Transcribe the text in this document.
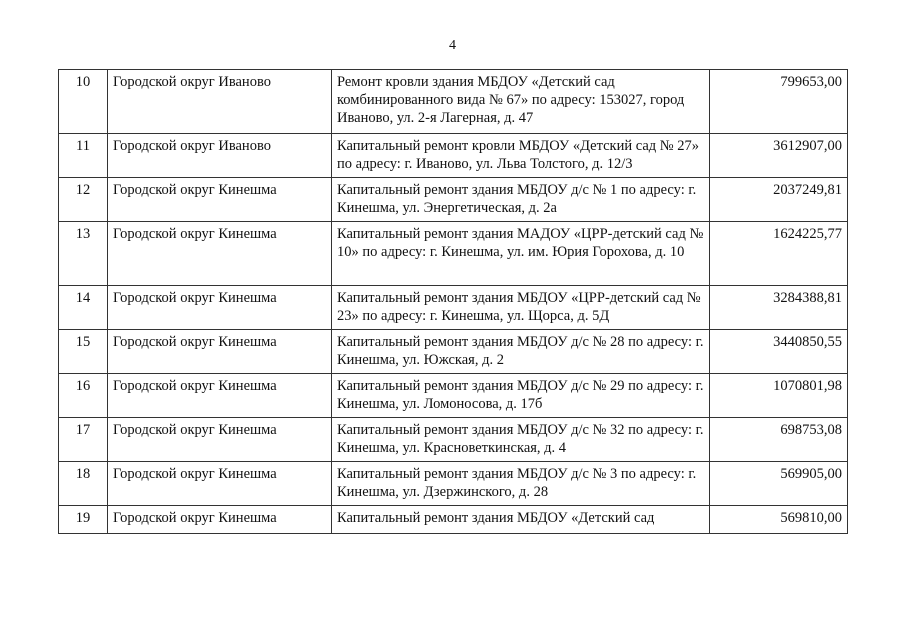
4
10	Городской округ Иваново	Ремонт кровли здания МБДОУ «Детский сад комбинированного вида № 67» по адресу: 153027, город Иваново, ул. 2-я Лагерная, д. 47	799653,00
11	Городской округ Иваново	Капитальный ремонт кровли МБДОУ «Детский сад № 27» по адресу: г. Иваново, ул. Льва Толстого, д. 12/3	3612907,00
12	Городской округ Кинешма	Капитальный ремонт здания МБДОУ д/с № 1 по адресу: г. Кинешма, ул. Энергетическая, д. 2а	2037249,81
13	Городской округ Кинешма	Капитальный ремонт здания МАДОУ «ЦРР-детский сад № 10» по адресу: г. Кинешма, ул. им. Юрия Горохова, д. 10	1624225,77
14	Городской округ Кинешма	Капитальный ремонт здания МБДОУ «ЦРР-детский сад № 23» по адресу: г. Кинешма, ул. Щорса, д. 5Д	3284388,81
15	Городской округ Кинешма	Капитальный ремонт здания МБДОУ д/с № 28 по адресу: г. Кинешма, ул. Южская, д. 2	3440850,55
16	Городской округ Кинешма	Капитальный ремонт здания МБДОУ д/с № 29 по адресу: г. Кинешма, ул. Ломоносова, д. 17б	1070801,98
17	Городской округ Кинешма	Капитальный ремонт здания МБДОУ д/с № 32 по адресу: г. Кинешма, ул. Красноветкинская, д. 4	698753,08
18	Городской округ Кинешма	Капитальный ремонт здания МБДОУ д/с № 3 по адресу: г. Кинешма, ул. Дзержинского, д. 28	569905,00
19	Городской округ Кинешма	Капитальный ремонт здания МБДОУ «Детский сад	569810,00
